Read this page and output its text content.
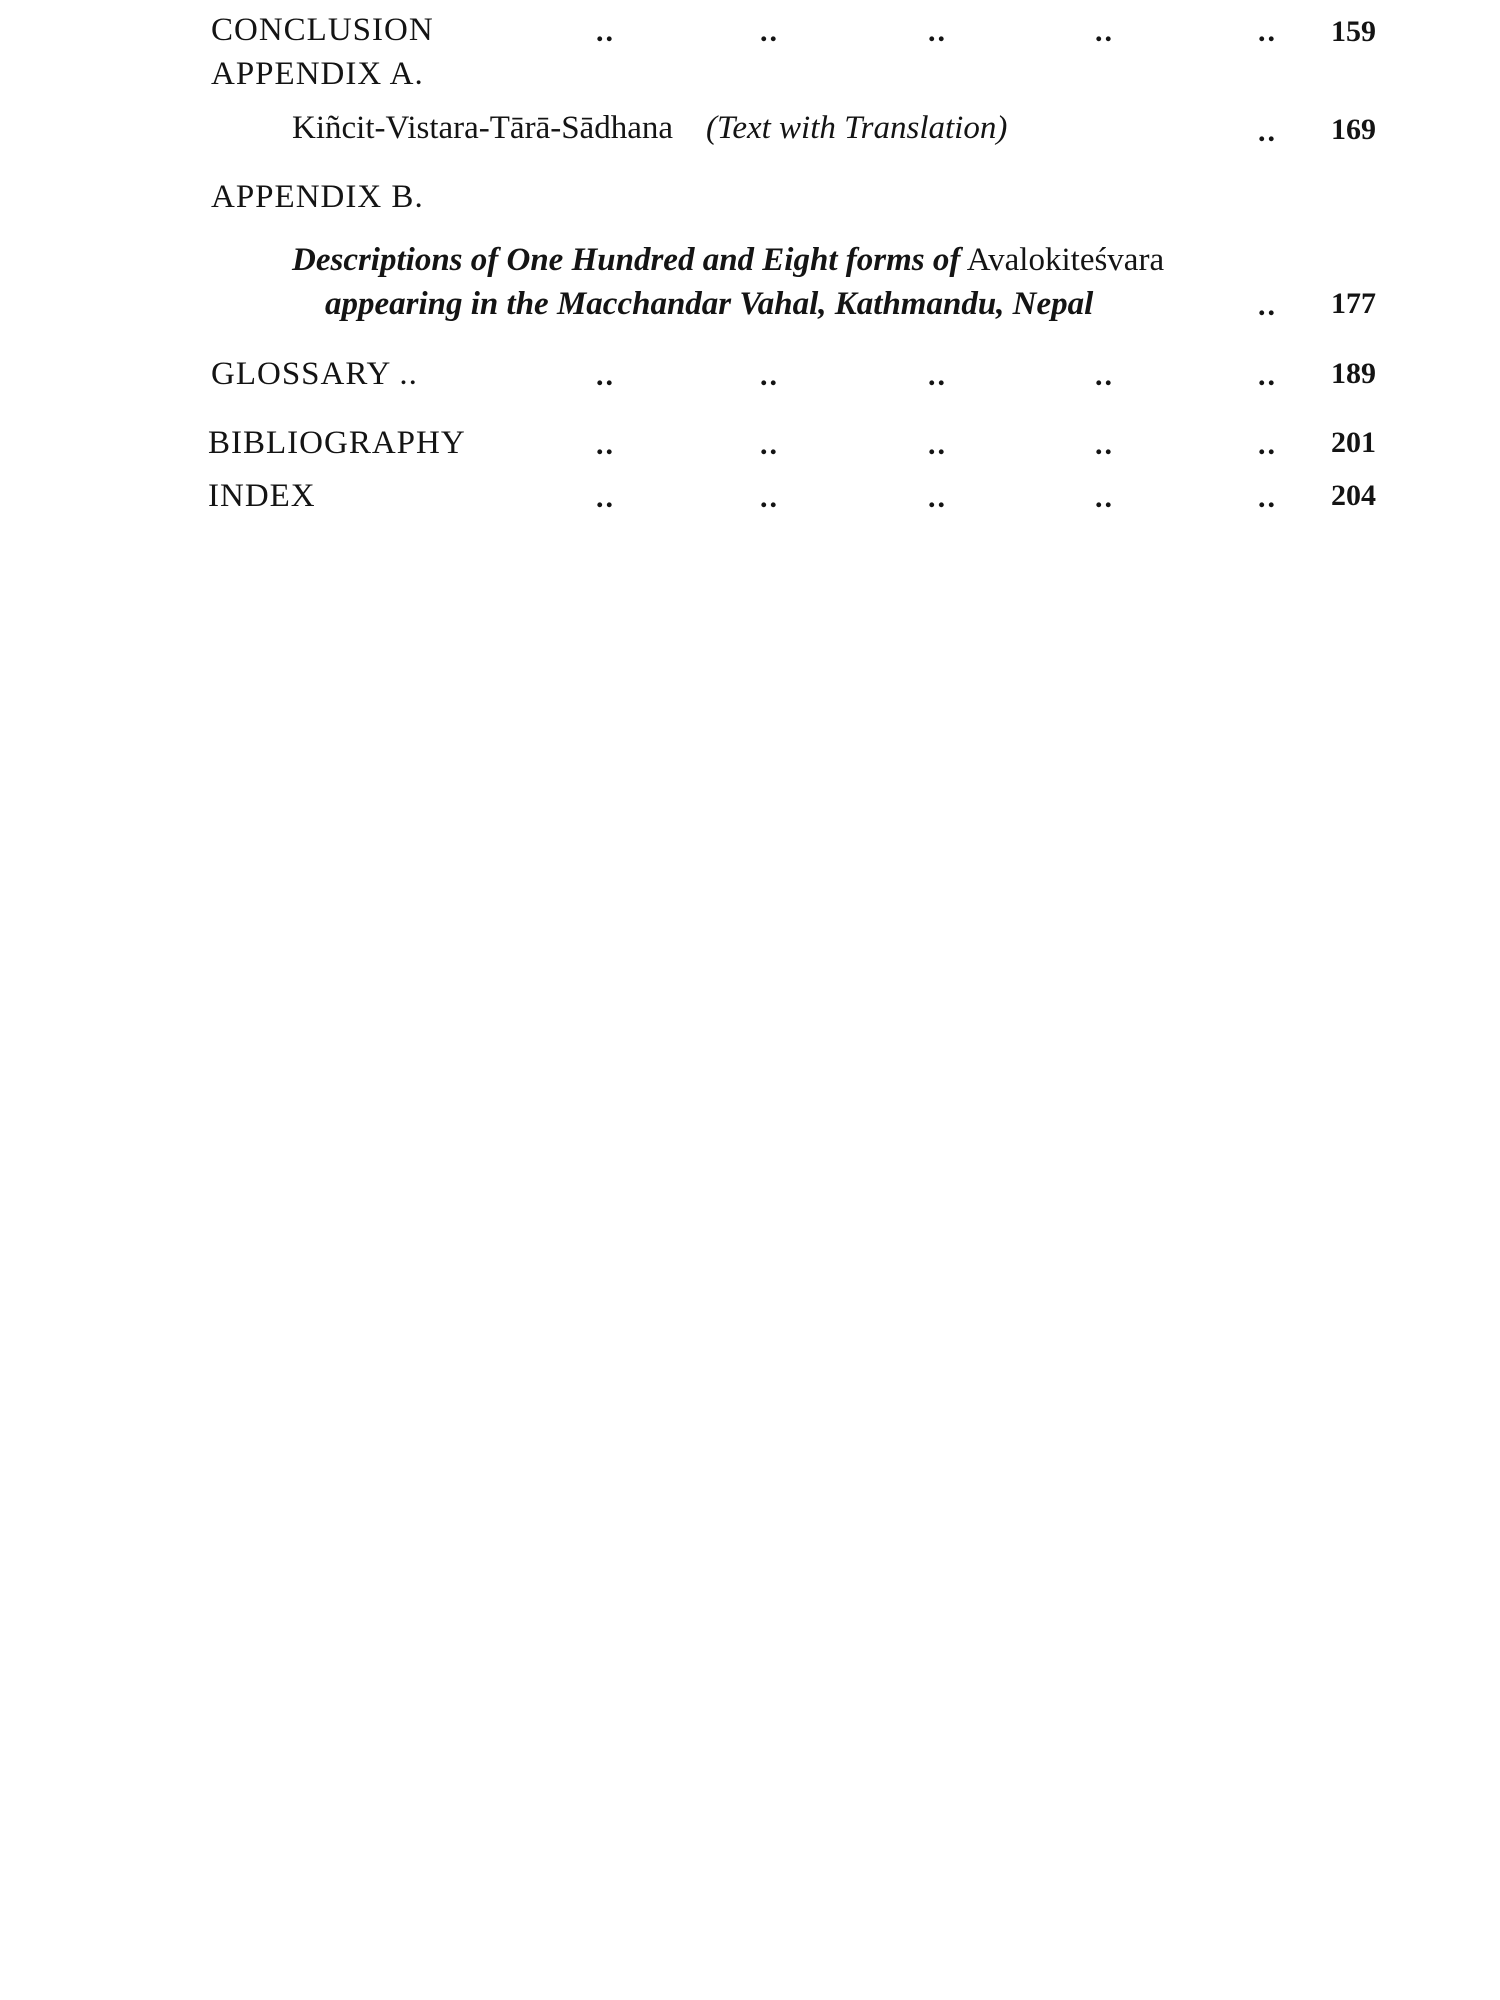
CONCLUSION	..	..	..	..	..	159
APPENDIX A.
Kiñcit-Vistara-Tārā-Sādhana (Text with Translation)	..	169
APPENDIX B.
Descriptions of One Hundred and Eight forms of Avalokiteśvara
appearing in the Macchandar Vahal, Kathmandu, Nepal	..	177
GLOSSARY ..	..	..	..	..	..	189
BIBLIOGRAPHY	..	..	..	..	..	201
INDEX	..	..	..	..	..	204
